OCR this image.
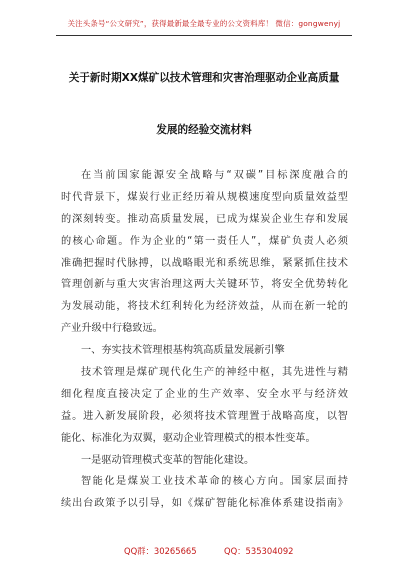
关注头条号“公文研究”，获得最新最全最专业的公文资料库！ 微信：gongwenyj
关于新时期XX煤矿以技术管理和灾害治理驱动企业高质量
发展的经验交流材料
在当前国家能源安全战略与“双碳”目标深度融合的
时代背景下，煤炭行业正经历着从规模速度型向质量效益型
的深刻转变。推动高质量发展，已成为煤炭企业生存和发展
的核心命题。作为企业的“第一责任人”，煤矿负责人必须
准确把握时代脉搏，以战略眼光和系统思维，紧紧抓住技术
管理创新与重大灾害治理这两大关键环节，将安全优势转化
为发展动能，将技术红利转化为经济效益，从而在新一轮的
产业升级中行稳致远。
一、夯实技术管理根基构筑高质量发展新引擎
技术管理是煤矿现代化生产的神经中枢，其先进性与精
细化程度直接决定了企业的生产效率、安全水平与经济效
益。进入新发展阶段，必须将技术管理置于战略高度，以智
能化、标准化为双翼，驱动企业管理模式的根本性变革。
一是驱动管理模式变革的智能化建设。
智能化是煤炭工业技术革命的核心方向。国家层面持
续出台政策予以引导，如《煤矿智能化标准体系建设指南》
QQ群：30265665	QQ：535304092
